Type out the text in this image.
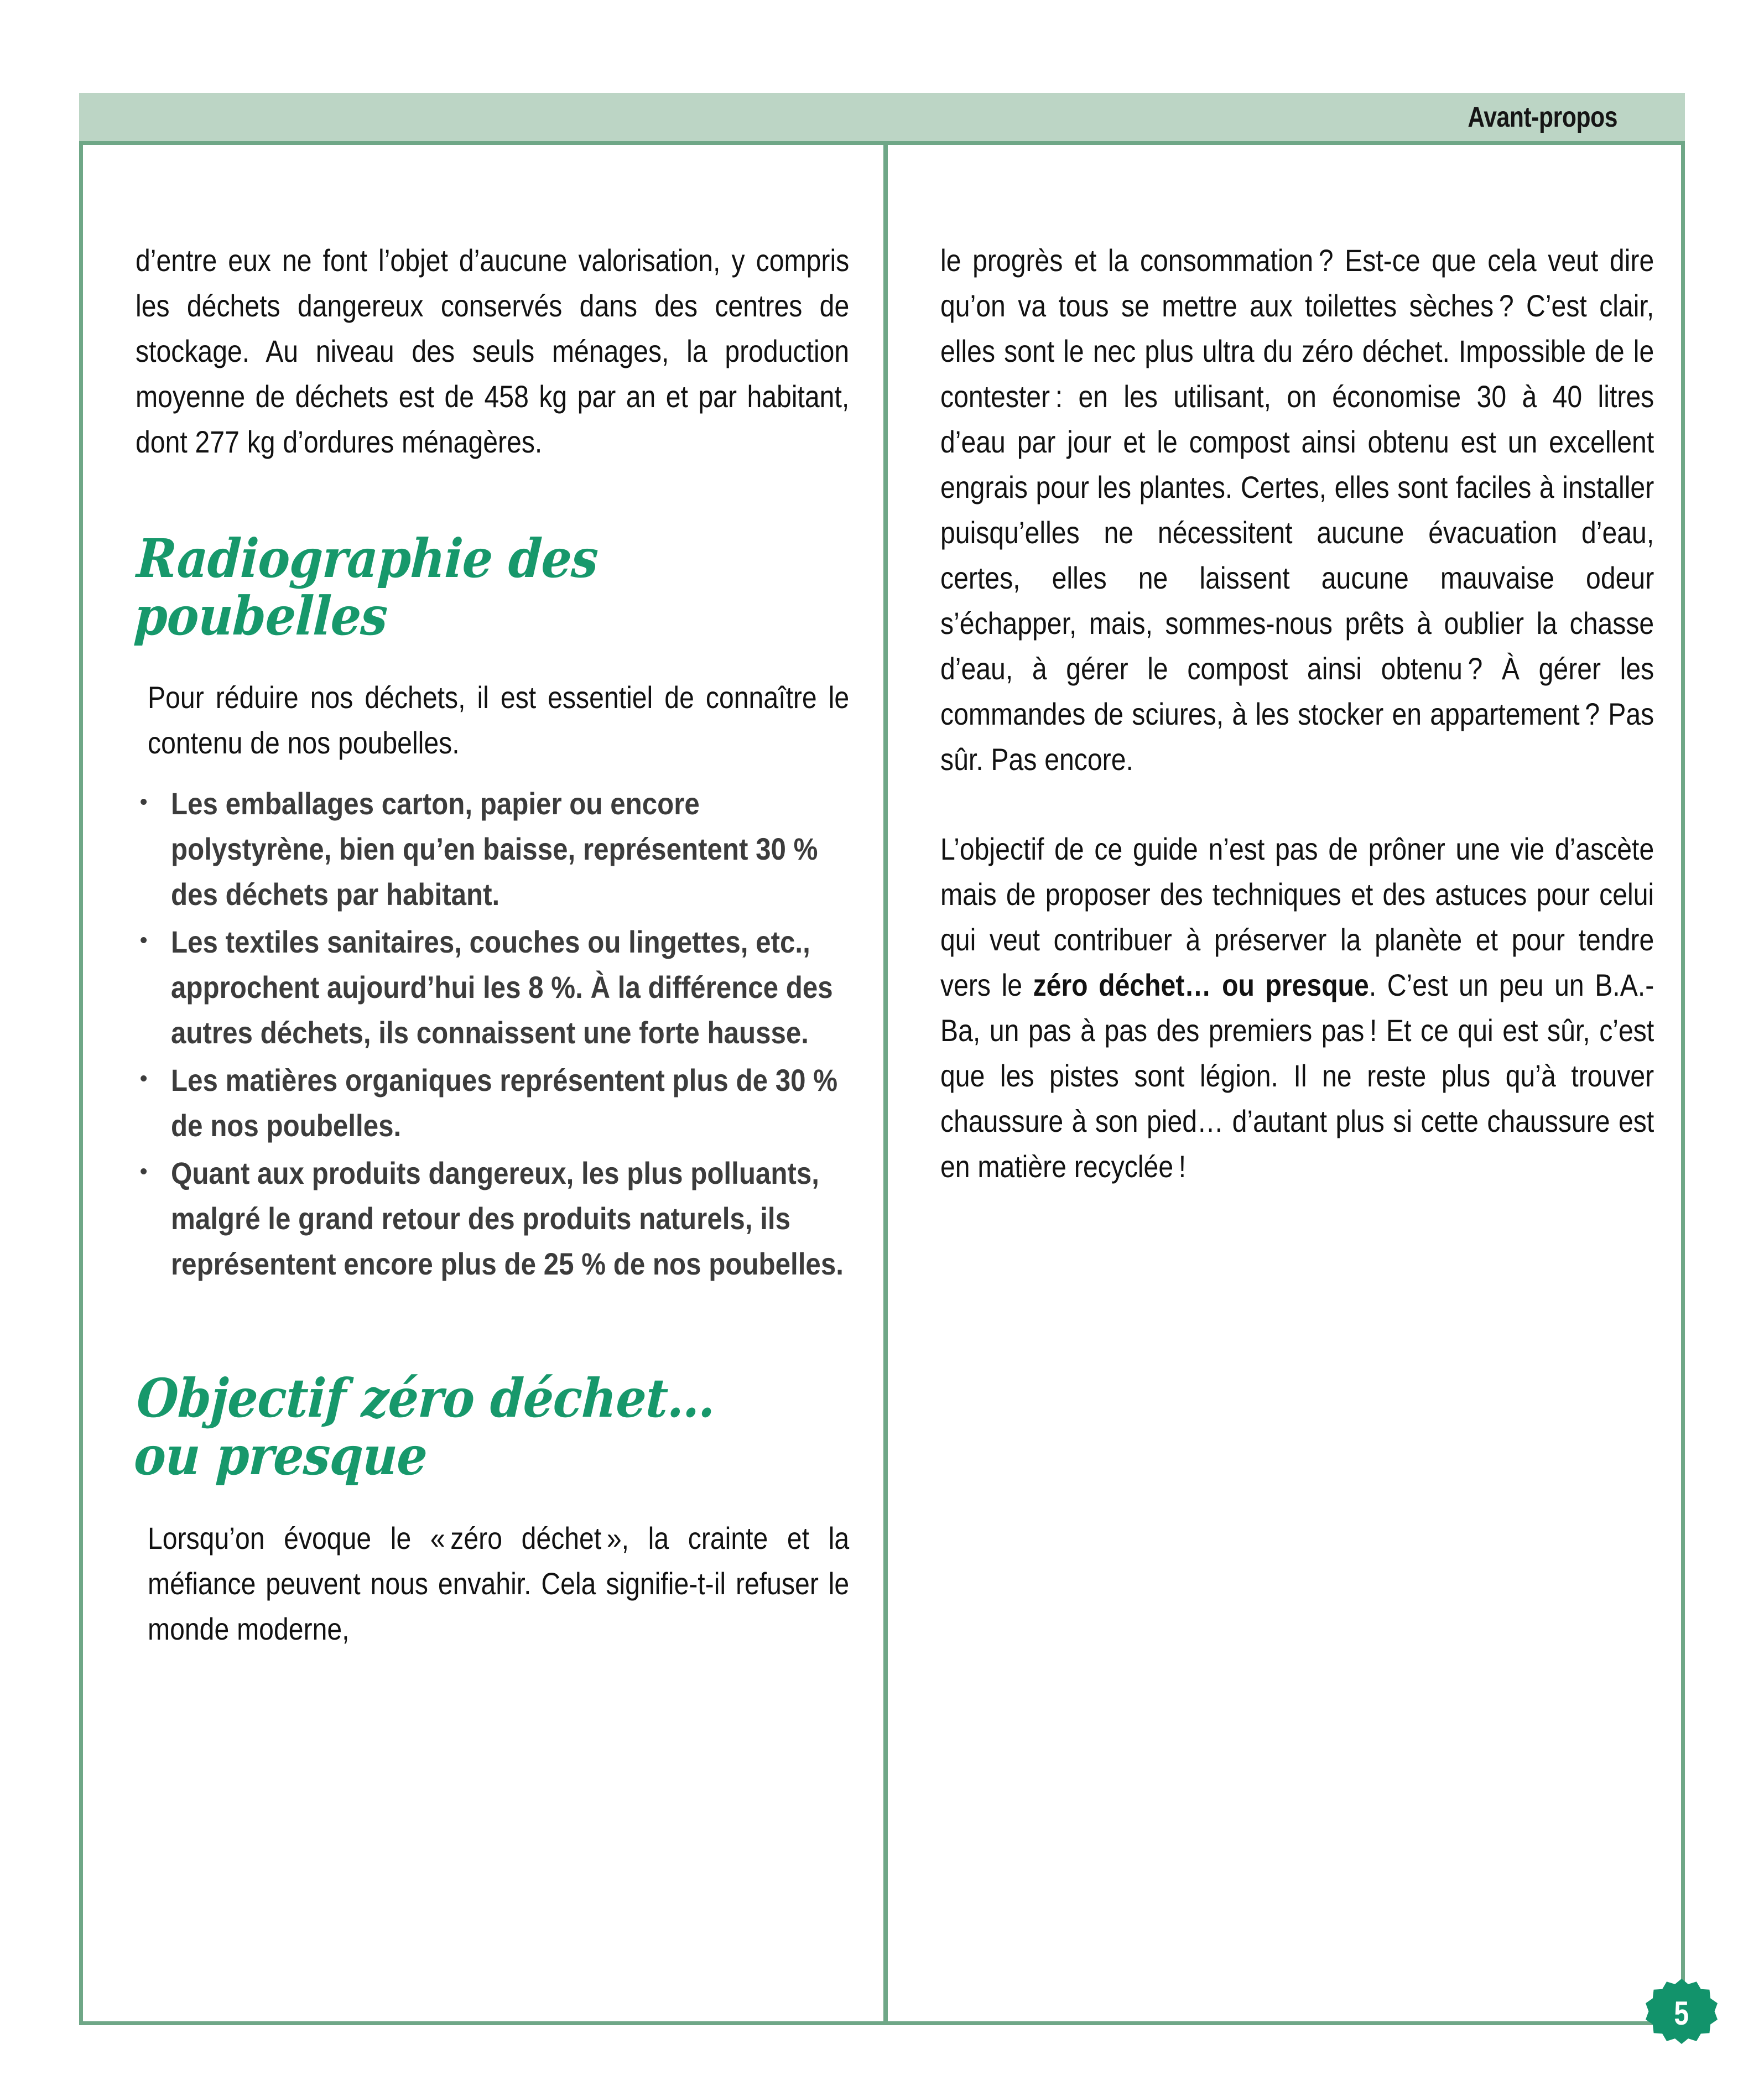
Avant-propos

d’entre eux ne font l’objet d’aucune valorisation, y compris les déchets dangereux conservés dans des centres de stockage. Au niveau des seuls ménages, la production moyenne de déchets est de 458 kg par an et par habitant, dont 277 kg d’ordures ménagères.

Radiographie des poubelles

Pour réduire nos déchets, il est essentiel de connaître le contenu de nos poubelles.

• Les emballages carton, papier ou encore polystyrène, bien qu’en baisse, représentent 30 % des déchets par habitant.
• Les textiles sanitaires, couches ou lingettes, etc., approchent aujourd’hui les 8 %. À la différence des autres déchets, ils connaissent une forte hausse.
• Les matières organiques représentent plus de 30 % de nos poubelles.
• Quant aux produits dangereux, les plus polluants, malgré le grand retour des produits naturels, ils représentent encore plus de 25 % de nos poubelles.
Objectif zéro déchet…
ou presque

Lorsqu’on évoque le « zéro déchet », la crainte et la méfiance peuvent nous envahir. Cela signifie-t-il refuser le monde moderne,

le progrès et la consommation ? Est-ce que cela veut dire qu’on va tous se mettre aux toilettes sèches ? C’est clair, elles sont le nec plus ultra du zéro déchet. Impossible de le contester : en les utilisant, on économise 30 à 40 litres d’eau par jour et le compost ainsi obtenu est un excellent engrais pour les plantes. Certes, elles sont faciles à installer puisqu’elles ne nécessitent aucune évacuation d’eau, certes, elles ne laissent aucune mauvaise odeur s’échapper, mais, sommes-nous prêts à oublier la chasse d’eau, à gérer le compost ainsi obtenu ? À gérer les commandes de sciures, à les stocker en appartement ? Pas sûr. Pas encore.

L’objectif de ce guide n’est pas de prôner une vie d’ascète mais de proposer des techniques et des astuces pour celui qui veut contribuer à préserver la planète et pour tendre vers le zéro déchet… ou presque. C’est un peu un B.A.-Ba, un pas à pas des premiers pas ! Et ce qui est sûr, c’est que les pistes sont légion. Il ne reste plus qu’à trouver chaussure à son pied… d’autant plus si cette chaussure est en matière recyclée !

5
